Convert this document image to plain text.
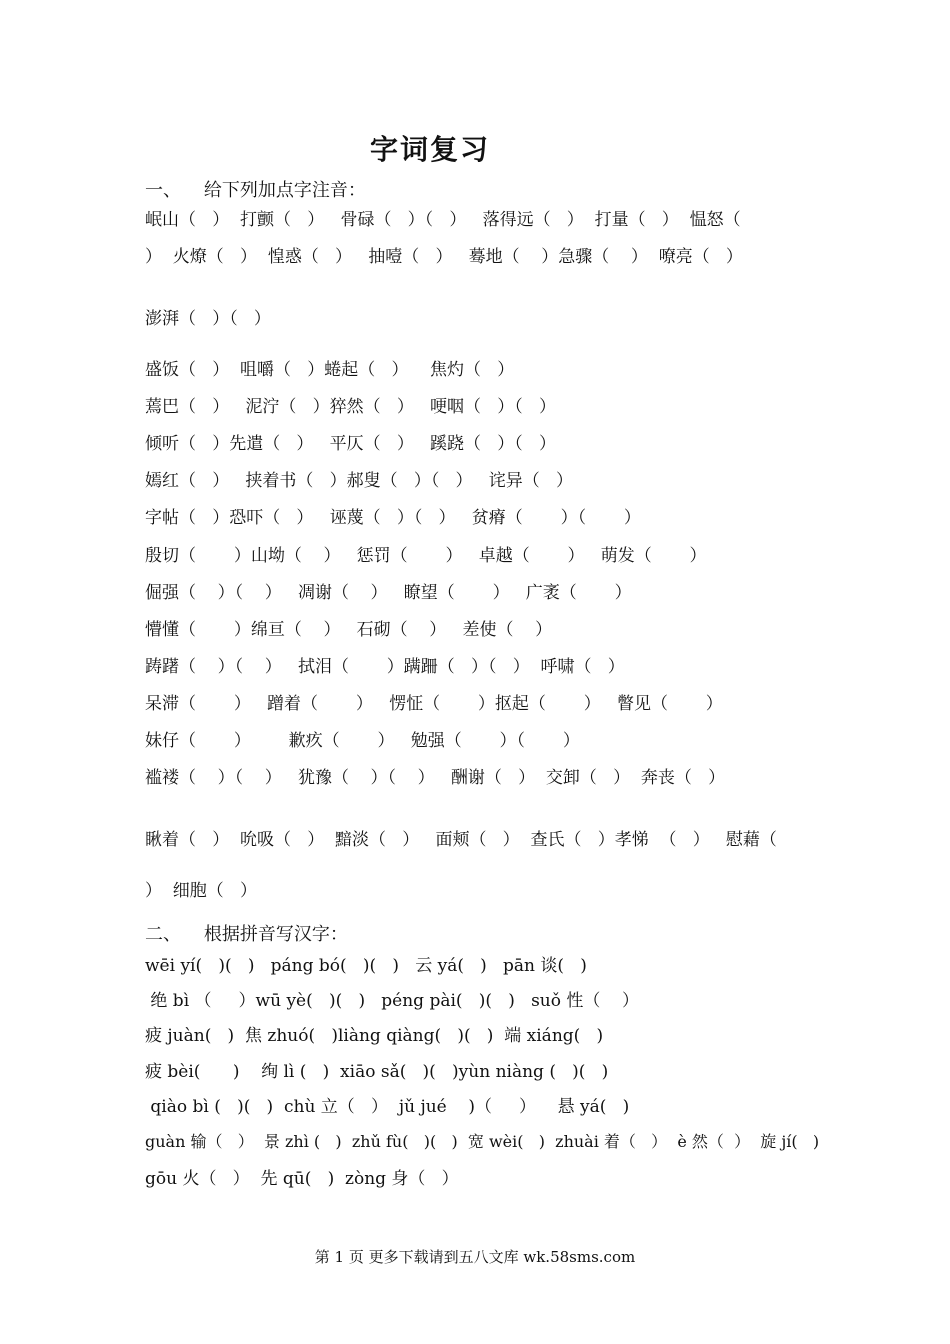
字词复习
一、    给下列加点字注音：
岷山（   ）  打颤（   ）   骨碌（   ）（   ）   落得远（   ）  打量（   ）  愠怒（
）  火燎（   ）  惶惑（   ）   抽噎（   ）   蓦地（    ）急骤（    ）  嘹亮（   ）
澎湃（   ）（   ）
盛饭（   ）  咀嚼（   ）蜷起（   ）    焦灼（   ）
蔫巴（   ）   泥泞（   ）猝然（   ）   哽咽（   ）（   ）
倾听（   ）先遣（   ）   平仄（   ）   蹊跷（   ）（   ）
嫣红（   ）   挟着书（   ）郝叟（   ）（   ）   诧异（   ）
字帖（   ）恐吓（   ）   诬蔑（   ）（   ）   贫瘠（       ）（       ）
殷切（       ）山坳（    ）   惩罚（       ）   卓越（       ）   萌发（       ）
倔强（    ）（    ）   凋谢（    ）   瞭望（       ）   广袤（       ）
懵懂（       ）绵亘（    ）   石砌（    ）   差使（    ）
踌躇（    ）（    ）   拭泪（       ）蹒跚（   ）（   ）  呼啸（   ）
呆滞（       ）   蹭着（       ）   愣怔（       ）抠起（       ）   瞥见（       ）
妹仔（       ）       歉疚（       ）   勉强（       ）（       ）
褴褛（    ）（    ）   犹豫（    ）（    ）   酬谢（   ）  交卸（   ）  奔丧（   ）
瞅着（   ）  吮吸（   ）  黯淡（   ）   面颊（   ）  查氏（   ）孝悌  （   ）   慰藉（
）  细胞（   ）
二、    根据拼音写汉字：
wēi yí(   )(   )   páng bó(   )(   )   云 yá(   )   pān 谈(   )
绝 bì （     ）wū yè(   )(   )   péng pài(   )(   )   suǒ 性（    ）
疲 juàn(   )  焦 zhuó(   )liàng qiàng(   )(   )  端 xiáng(   )
疲 bèi(      )    绚 lì (   )  xiāo sǎ(   )(   )yùn niàng (   )(   )
qiào bì (   )(   )  chù 立（   ）  jǔ jué    )（     ）    悬 yá(   )
guàn 输（   ）  景 zhì (   )  zhǔ fù(   )(   )  宽 wèi(   )  zhuài 着（   ）  è 然（  ）  旋 jí(   )
gōu 火（   ）  先 qū(   )  zòng 身（   ）
第 1 页 更多下载请到五八文库 wk.58sms.com
